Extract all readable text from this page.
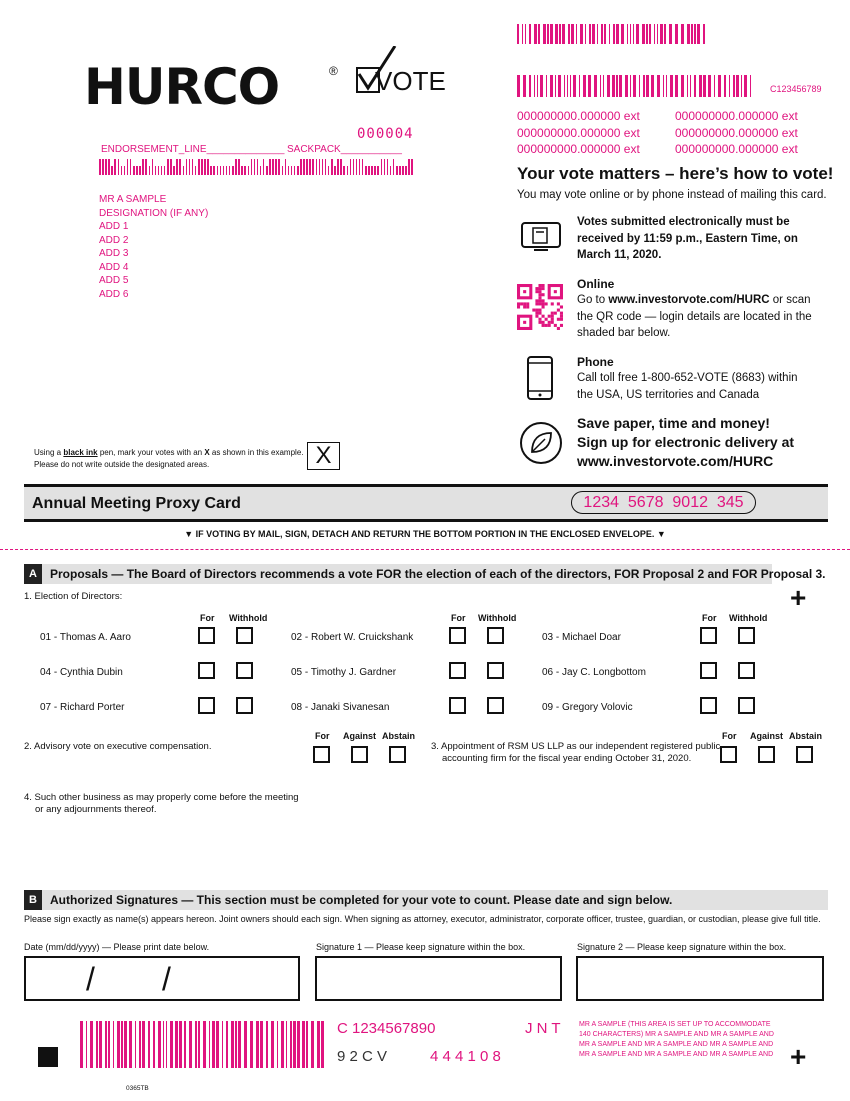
C123456789
HURCO	® VOTE
000000000.000000 ext	000000000.000000 ext
000000000.000000 ext	000000000.000000 ext
000000000.000000 ext	000000000.000000 ext
000004
ENDORSEMENT_LINE______________ SACKPACK___________
MR A SAMPLE
DESIGNATION (IF ANY)
ADD 1
ADD 2
ADD 3
ADD 4
ADD 5
ADD 6
Your vote matters – here’s how to vote!
You may vote online or by phone instead of mailing this card.
Votes submitted electronically must be received by 11:59 p.m., Eastern Time, on March 11, 2020.
Online
Go to www.investorvote.com/HURC or scan the QR code — login details are located in the shaded bar below.
Phone
Call toll free 1-800-652-VOTE (8683) within the USA, US territories and Canada
Save paper, time and money!
Sign up for electronic delivery at
www.investorvote.com/HURC
Using a black ink pen, mark your votes with an X as shown in this example.
Please do not write outside the designated areas.	X
Annual Meeting Proxy Card	1234  5678  9012  345
▼ IF VOTING BY MAIL, SIGN, DETACH AND RETURN THE BOTTOM PORTION IN THE ENCLOSED ENVELOPE. ▼
A	Proposals — The Board of Directors recommends a vote FOR the election of each of the directors, FOR Proposal 2 and FOR Proposal 3.
+
1. Election of Directors:
For Withhold	For Withhold	For Withhold
01 - Thomas A. Aaro	02 - Robert W. Cruickshank	03 - Michael Doar
04 - Cynthia Dubin	05 - Timothy J. Gardner	06 - Jay C. Longbottom
07 - Richard Porter	08 - Janaki Sivanesan	09 - Gregory Volovic
2. Advisory vote on executive compensation.
For Against Abstain
3. Appointment of RSM US LLP as our independent registered public
accounting firm for the fiscal year ending October 31, 2020.
For Against Abstain
4. Such other business as may properly come before the meeting
or any adjournments thereof.
B	Authorized Signatures — This section must be completed for your vote to count. Please date and sign below.
Please sign exactly as name(s) appears hereon. Joint owners should each sign. When signing as attorney, executor, administrator, corporate officer, trustee, guardian, or custodian, please give full title.
Date (mm/dd/yyyy) — Please print date below.	Signature 1 — Please keep signature within the box.	Signature 2 — Please keep signature within the box.
/ /
C 1234567890	J N T
9 2 C V	4 4 4 1 0 8
MR A SAMPLE (THIS AREA IS SET UP TO ACCOMMODATE 140 CHARACTERS) MR A SAMPLE AND MR A SAMPLE AND MR A SAMPLE AND MR A SAMPLE AND MR A SAMPLE AND MR A SAMPLE AND MR A SAMPLE AND MR A SAMPLE AND +
0365TB
